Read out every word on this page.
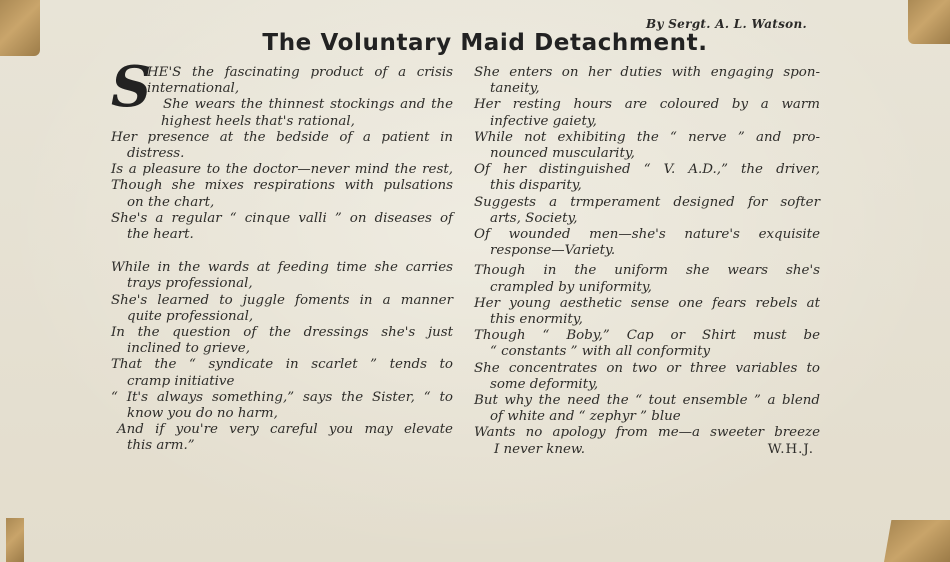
By Sergt. A. L. Watson.
The Voluntary Maid Detachment.
S
HE'S the fascinating product of a crisis
international,
She wears the thinnest stockings and the
highest heels that's rational,
Her presence at the bedside of a patient in
distress.
Is a pleasure to the doctor—never mind the rest,
Though she mixes respirations with pulsations
on the chart,
She's a regular “ cinque valli ” on diseases of
the heart.
While in the wards at feeding time she carries
trays professional,
She's learned to juggle foments in a manner
quite professional,
In the question of the dressings she's just
inclined to grieve,
That the “ syndicate in scarlet ” tends to
cramp initiative
“ It's always something,” says the Sister, “ to
know you do no harm,
And if you're very careful you may elevate
this arm.”
She enters on her duties with engaging spon-
taneity,
Her resting hours are coloured by a warm
infective gaiety,
While not exhibiting the “ nerve ” and pro-
nounced muscularity,
Of her distinguished “ V. A.D.,” the driver,
this disparity,
Suggests a trmperament designed for softer
arts, Society,
Of wounded men—she's nature's exquisite
response—Variety.
Though in the uniform she wears she's
crampled by uniformity,
Her young aesthetic sense one fears rebels at
this enormity,
Though “ Boby,” Cap or Shirt must be
“ constants ” with all conformity
She concentrates on two or three variables to
some deformity,
But why the need the “ tout ensemble ” a blend
of white and “ zephyr ” blue
Wants no apology from me—a sweeter breeze
I never knew.	W.H.J.
